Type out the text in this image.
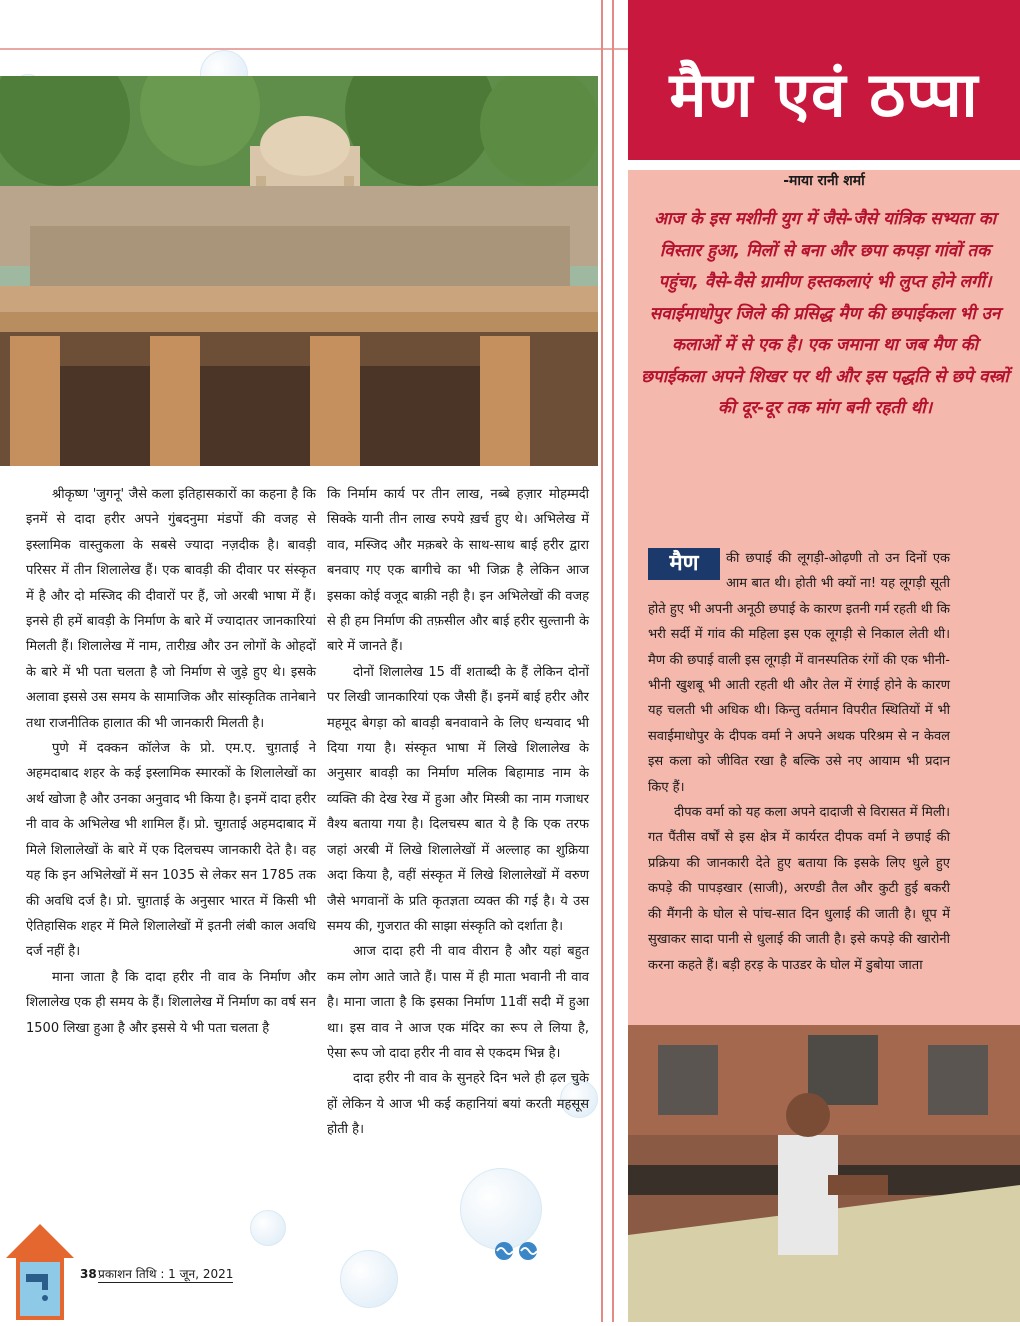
मैण एवं ठप्पा
-माया रानी शर्मा
आज के इस मशीनी युग में जैसे-जैसे यांत्रिक सभ्यता का विस्तार हुआ, मिलों से बना और छपा कपड़ा गांवों तक पहुंचा, वैसे-वैसे ग्रामीण हस्तकलाएं भी लुप्त होने लगीं। सवाईमाधोपुर जिले की प्रसिद्ध मैण की छपाईकला भी उन कलाओं में से एक है। एक जमाना था जब मैण की छपाईकला अपने शिखर पर थी और इस पद्धति से छपे वस्त्रों की दूर-दूर तक मांग बनी रहती थी।

श्रीकृष्ण 'जुगनू' जैसे कला इतिहासकारों का कहना है कि इनमें से दादा हरीर अपने गुंबदनुमा मंडपों की वजह से इस्लामिक वास्तुकला के सबसे ज्यादा नज़दीक है। बावड़ी परिसर में तीन शिलालेख हैं। एक बावड़ी की दीवार पर संस्कृत में है और दो मस्जिद की दीवारों पर हैं, जो अरबी भाषा में हैं। इनसे ही हमें बावड़ी के निर्माण के बारे में ज्यादातर जानकारियां मिलती हैं। शिलालेख में नाम, तारीख़ और उन लोगों के ओहदों के बारे में भी पता चलता है जो निर्माण से जुड़े हुए थे। इसके अलावा इससे उस समय के सामाजिक और सांस्कृतिक तानेबाने तथा राजनीतिक हालात की भी जानकारी मिलती है।

पुणे में दक्कन कॉलेज के प्रो. एम.ए. चुग़ताई ने अहमदाबाद शहर के कई इस्लामिक स्मारकों के शिलालेखों का अर्थ खोजा है और उनका अनुवाद भी किया है। इनमें दादा हरीर नी वाव के अभिलेख भी शामिल हैं। प्रो. चुग़ताई अहमदाबाद में मिले शिलालेखों के बारे में एक दिलचस्प जानकारी देते है। वह यह कि इन अभिलेखों में सन 1035 से लेकर सन 1785 तक की अवधि दर्ज है। प्रो. चुग़ताई के अनुसार भारत में किसी भी ऐतिहासिक शहर में मिले शिलालेखों में इतनी लंबी काल अवधि दर्ज नहीं है।

माना जाता है कि दादा हरीर नी वाव के निर्माण और शिलालेख एक ही समय के हैं। शिलालेख में निर्माण का वर्ष सन 1500 लिखा हुआ है और इससे ये भी पता चलता है

कि निर्माम कार्य पर तीन लाख, नब्बे हज़ार मोहम्मदी सिक्के यानी तीन लाख रुपये ख़र्च हुए थे। अभिलेख में वाव, मस्जिद और मक़बरे के साथ-साथ बाई हरीर द्वारा बनवाए गए एक बागीचे का भी जिक्र है लेकिन आज इसका कोई वजूद बाक़ी नही है। इन अभिलेखों की वजह से ही हम निर्माण की तफ़सील और बाई हरीर सुल्तानी के बारे में जानते हैं।

दोनों शिलालेख 15 वीं शताब्दी के हैं लेकिन दोनों पर लिखी जानकारियां एक जैसी हैं। इनमें बाई हरीर और महमूद बेगड़ा को बावड़ी बनवावाने के लिए धन्यवाद भी दिया गया है। संस्कृत भाषा में लिखे शिलालेख के अनुसार बावड़ी का निर्माण मलिक बिहामाड नाम के व्यक्ति की देख रेख में हुआ और मिस्त्री का नाम गजाधर वैश्य बताया गया है। दिलचस्प बात ये है कि एक तरफ जहां अरबी में लिखे शिलालेखों में अल्लाह का शुक्रिया अदा किया है, वहीं संस्कृत में लिखे शिलालेखों में वरुण जैसे भगवानों के प्रति कृतज्ञता व्यक्त की गई है। ये उस समय की, गुजरात की साझा संस्कृति को दर्शाता है।

आज दादा हरी नी वाव वीरान है और यहां बहुत कम लोग आते जाते हैं। पास में ही माता भवानी नी वाव है। माना जाता है कि इसका निर्माण 11वीं सदी में हुआ था। इस वाव ने आज एक मंदिर का रूप ले लिया है, ऐसा रूप जो दादा हरीर नी वाव से एकदम भिन्न है।

दादा हरीर नी वाव के सुनहरे दिन भले ही ढ़ल चुके हों लेकिन ये आज भी कई कहानियां बयां करती महसूस होती है।

मैण	की छपाई की लूगड़ी-ओढ़णी तो उन दिनों एक आम बात थी। होती भी क्यों ना! यह लूगड़ी सूती होते हुए भी अपनी अनूठी छपाई के कारण इतनी गर्म रहती थी कि भरी सर्दी में गांव की महिला इस एक लूगड़ी से निकाल लेती थी। मैण की छपाई वाली इस लूगड़ी में वानस्पतिक रंगों की एक भीनी-भीनी खुशबू भी आती रहती थी और तेल में रंगाई होने के कारण यह चलती भी अधिक थी। किन्तु वर्तमान विपरीत स्थितियों में भी सवाईमाधोपुर के दीपक वर्मा ने अपने अथक परिश्रम से न केवल इस कला को जीवित रखा है बल्कि उसे नए आयाम भी प्रदान किए हैं।

दीपक वर्मा को यह कला अपने दादाजी से विरासत में मिली। गत पैंतीस वर्षों से इस क्षेत्र में कार्यरत दीपक वर्मा ने छपाई की प्रक्रिया की जानकारी देते हुए बताया कि इसके लिए धुले हुए कपड़े की पापड़खार (साजी), अरण्डी तैल और कुटी हुई बकरी की मैंगनी के घोल से पांच-सात दिन धुलाई की जाती है। धूप में सुखाकर सादा पानी से धुलाई की जाती है। इसे कपड़े की खारोनी करना कहते हैं। बड़ी हरड़ के पाउडर के घोल में डुबोया जाता

38 प्रकाशन तिथि : 1 जून, 2021
